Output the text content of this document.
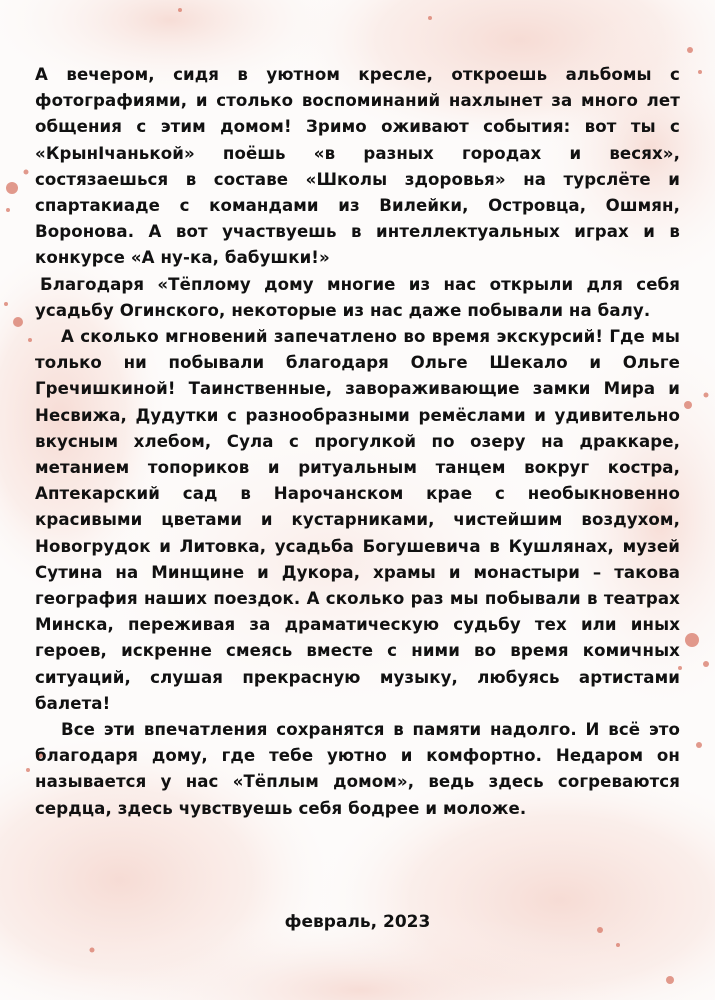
А вечером, сидя в уютном кресле, откроешь альбомы с фотографиями, и столько воспоминаний нахлынет за много лет общения с этим домом! Зримо оживают события: вот ты с «КрынIчанькой» поёшь «в разных городах и весях», состязаешься в составе «Школы здоровья» на турслёте и спартакиаде с командами из Вилейки, Островца, Ошмян, Воронова. А вот участвуешь в интеллектуальных играх и в конкурсе «А ну-ка, бабушки!»

Благодаря «Тёплому дому многие из нас открыли для себя усадьбу Огинского, некоторые из нас даже побывали на балу.

А сколько мгновений запечатлено во время экскурсий! Где мы только ни побывали благодаря Ольге Шекало и Ольге Гречишкиной! Таинственные, завораживающие замки Мира и Несвижа, Дудутки с разнообразными ремёслами и удивительно вкусным хлебом, Сула с прогулкой по озеру на драккаре, метанием топориков и ритуальным танцем вокруг костра, Аптекарский сад в Нарочанском крае с необыкновенно красивыми цветами и кустарниками, чистейшим воздухом, Новогрудок и Литовка, усадьба Богушевича в Кушлянах, музей Сутина на Минщине и Дукора, храмы и монастыри – такова география наших поездок. А сколько раз мы побывали в театрах Минска, переживая за драматическую судьбу тех или иных героев, искренне смеясь вместе с ними во время комичных ситуаций, слушая прекрасную музыку, любуясь артистами балета!

Все эти впечатления сохранятся в памяти надолго. И всё это благодаря дому, где тебе уютно и комфортно. Недаром он называется у нас «Тёплым домом», ведь здесь согреваются сердца, здесь чувствуешь себя бодрее и моложе.

февраль, 2023
